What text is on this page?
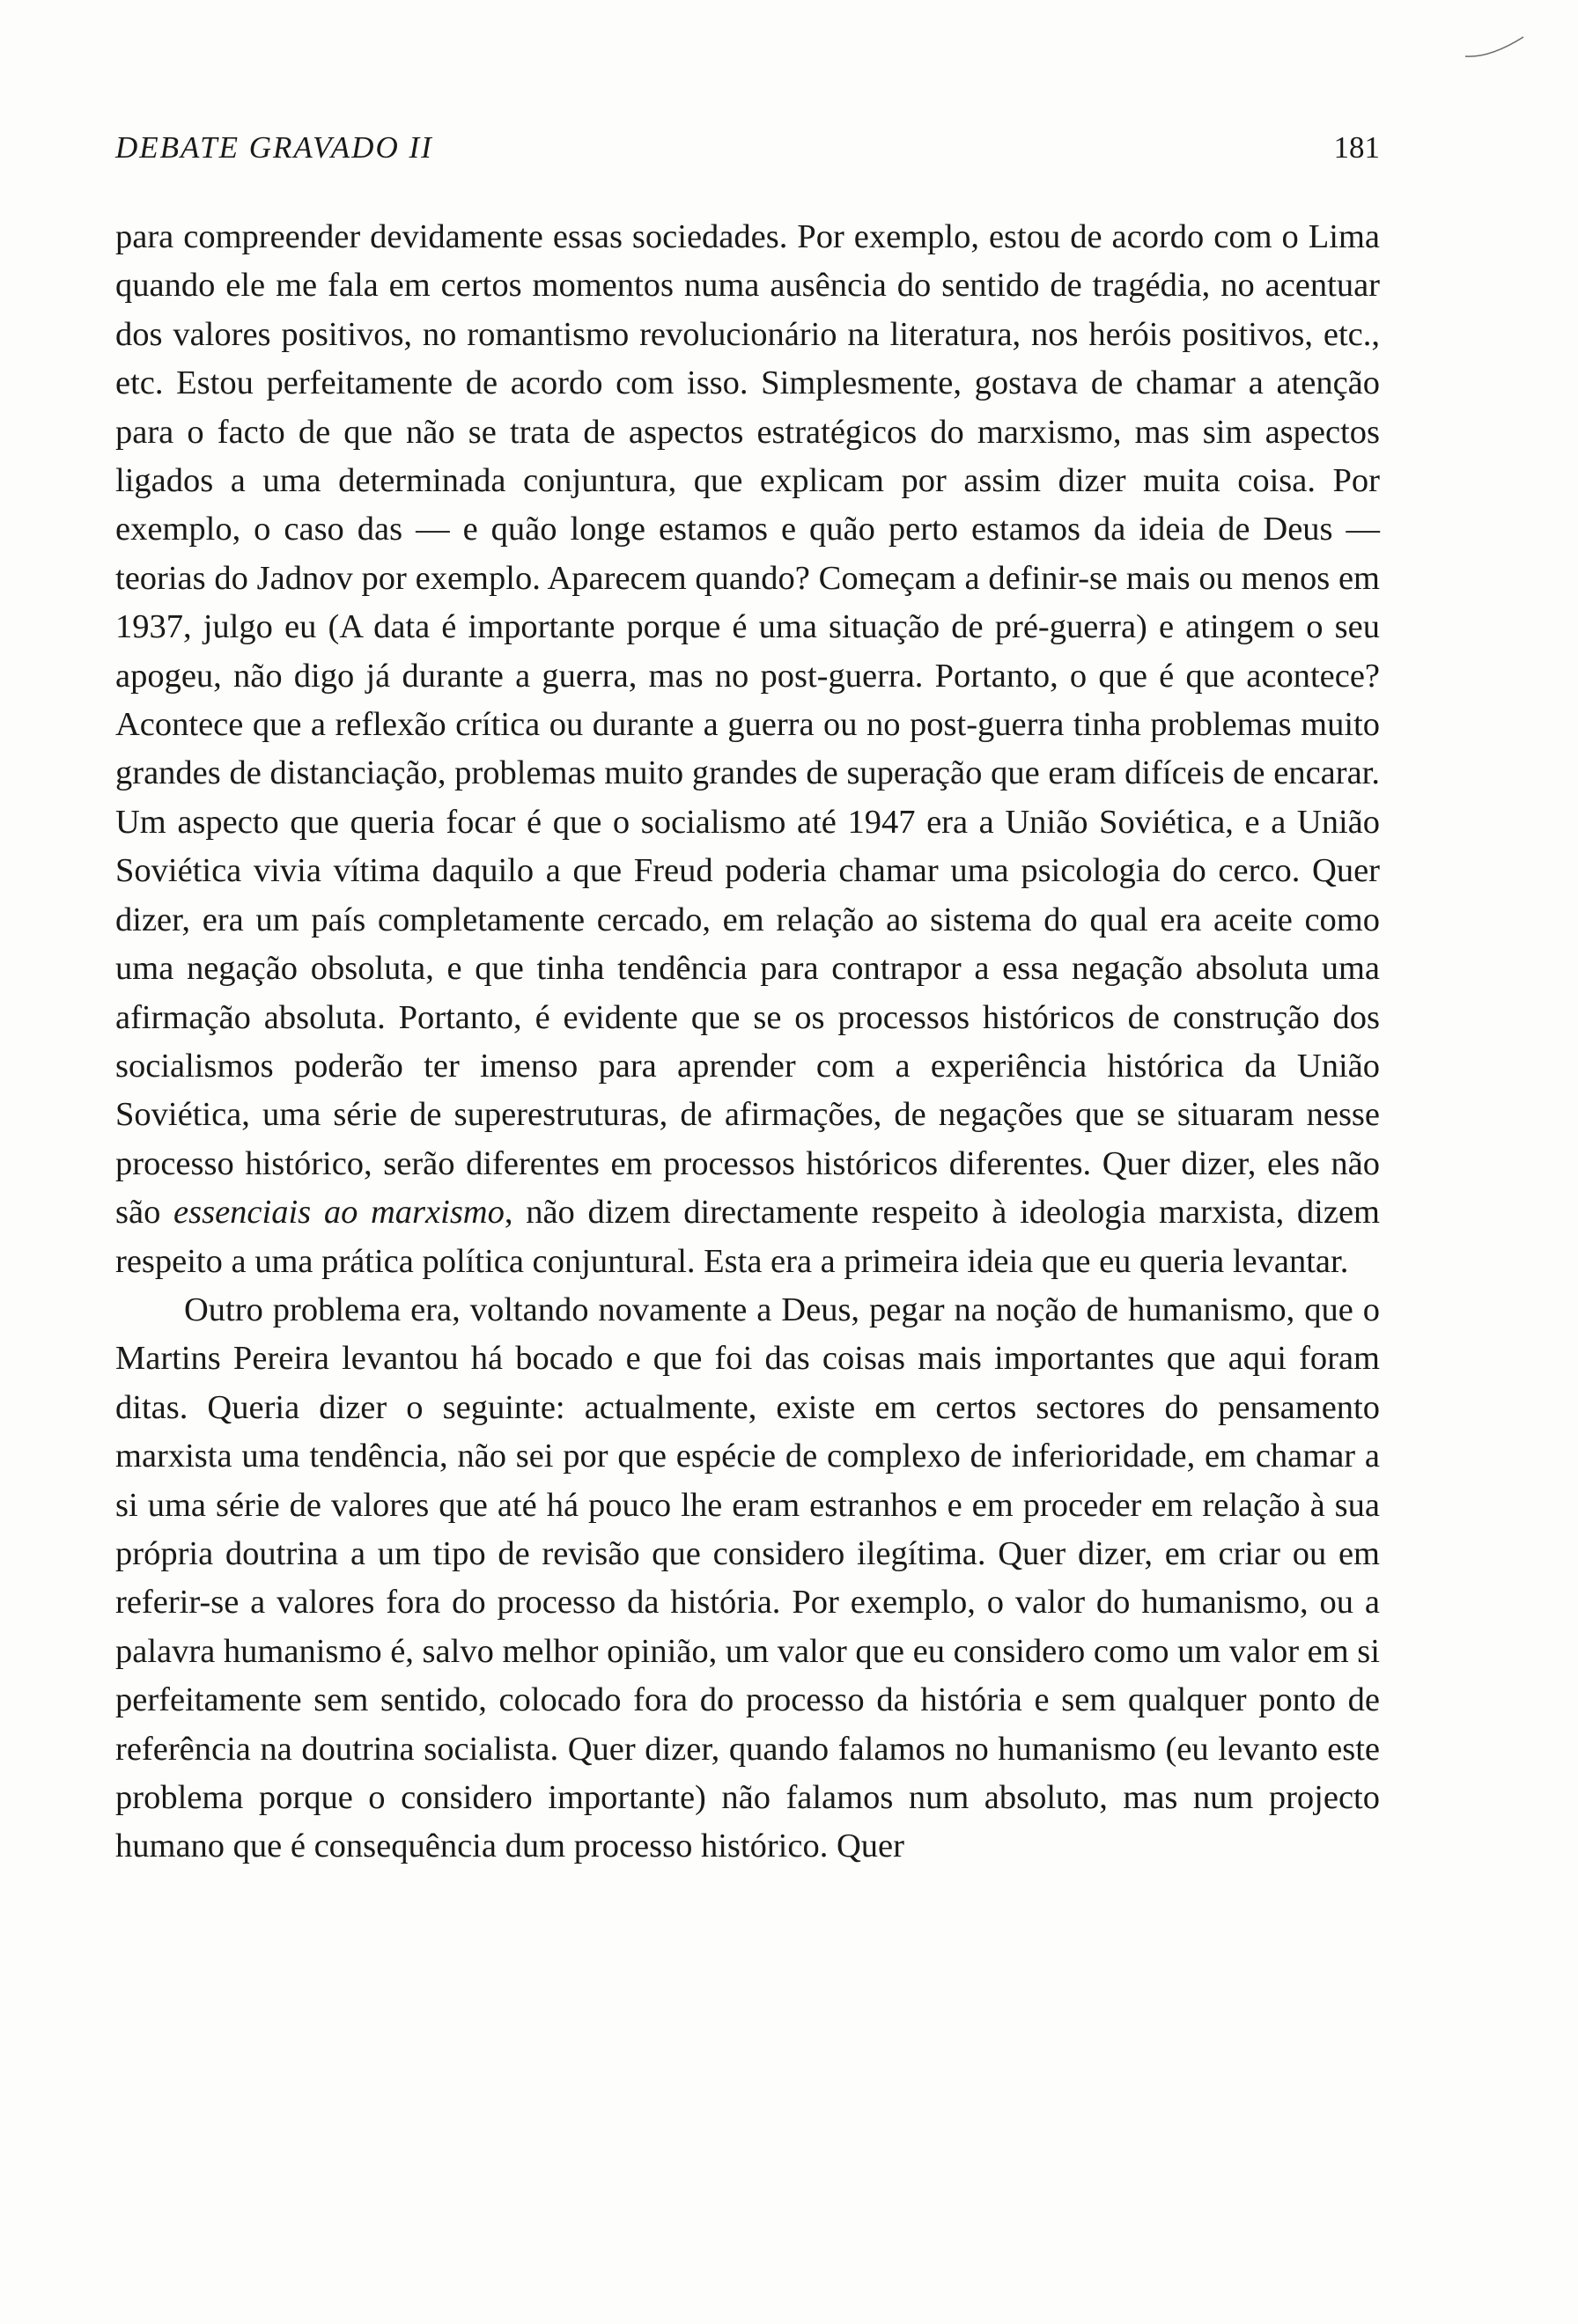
DEBATE GRAVADO II	181

para compreender devidamente essas sociedades. Por exemplo, estou de acordo com o Lima quando ele me fala em certos momentos numa ausência do sentido de tragédia, no acentuar dos valores positivos, no romantismo revolucionário na literatura, nos heróis positivos, etc., etc. Estou perfeitamente de acordo com isso. Simplesmente, gostava de chamar a atenção para o facto de que não se trata de aspectos estratégicos do marxismo, mas sim aspectos ligados a uma determinada conjuntura, que explicam por assim dizer muita coisa. Por exemplo, o caso das — e quão longe estamos e quão perto estamos da ideia de Deus — teorias do Jadnov por exemplo. Aparecem quando? Começam a definir-se mais ou menos em 1937, julgo eu (A data é importante porque é uma situação de pré-guerra) e atingem o seu apogeu, não digo já durante a guerra, mas no post-guerra. Portanto, o que é que acontece? Acontece que a reflexão crítica ou durante a guerra ou no post-guerra tinha problemas muito grandes de distanciação, problemas muito grandes de superação que eram difíceis de encarar. Um aspecto que queria focar é que o socialismo até 1947 era a União Soviética, e a União Soviética vivia vítima daquilo a que Freud poderia chamar uma psicologia do cerco. Quer dizer, era um país completamente cercado, em relação ao sistema do qual era aceite como uma negação obsoluta, e que tinha tendência para contrapor a essa negação absoluta uma afirmação absoluta. Portanto, é evidente que se os processos históricos de construção dos socialismos poderão ter imenso para aprender com a experiência histórica da União Soviética, uma série de superestruturas, de afirmações, de negações que se situaram nesse processo histórico, serão diferentes em processos históricos diferentes. Quer dizer, eles não são essenciais ao marxismo, não dizem directamente respeito à ideologia marxista, dizem respeito a uma prática política conjuntural. Esta era a primeira ideia que eu queria levantar.

Outro problema era, voltando novamente a Deus, pegar na noção de humanismo, que o Martins Pereira levantou há bocado e que foi das coisas mais importantes que aqui foram ditas. Queria dizer o seguinte: actualmente, existe em certos sectores do pensamento marxista uma tendência, não sei por que espécie de complexo de inferioridade, em chamar a si uma série de valores que até há pouco lhe eram estranhos e em proceder em relação à sua própria doutrina a um tipo de revisão que considero ilegítima. Quer dizer, em criar ou em referir-se a valores fora do processo da história. Por exemplo, o valor do humanismo, ou a palavra humanismo é, salvo melhor opinião, um valor que eu considero como um valor em si perfeitamente sem sentido, colocado fora do processo da história e sem qualquer ponto de referência na doutrina socialista. Quer dizer, quando falamos no humanismo (eu levanto este problema porque o considero importante) não falamos num absoluto, mas num projecto humano que é consequência dum processo histórico. Quer
